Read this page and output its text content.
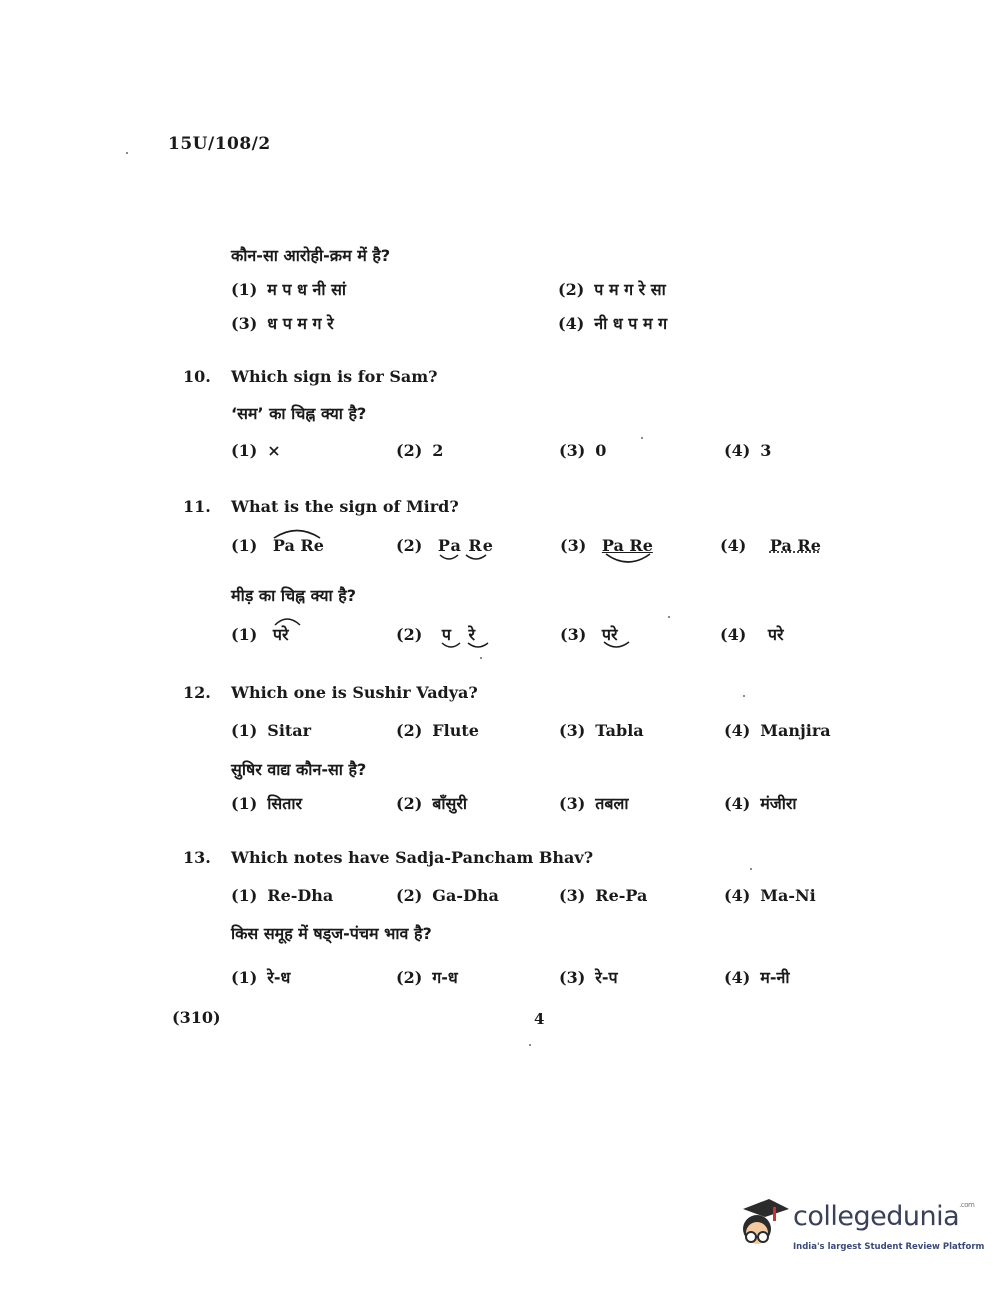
15U/108/2
कौन-सा आरोही-क्रम में है?
(1) म प ध नी सां	(2) प म ग रे सा
(3) ध प म ग रे	(4) नी ध प म ग
10. Which sign is for Sam?
‘सम’ का चिह्न क्या है?
(1) ×	(2) 2	(3) 0	(4) 3
11. What is the sign of Mird?
(1) Pa Re	(2) Pa Re	(3) Pa Re	(4) Pa Re
मीड़ का चिह्न क्या है?
(1) परे	(2) प रे	(3) परे	(4) परे
12. Which one is Sushir Vadya?
(1) Sitar	(2) Flute	(3) Tabla	(4) Manjira
सुषिर वाद्य कौन-सा है?
(1) सितार	(2) बाँसुरी	(3) तबला	(4) मंजीरा
13. Which notes have Sadja-Pancham Bhav?
(1) Re-Dha	(2) Ga-Dha	(3) Re-Pa	(4) Ma-Ni
किस समूह में षड्ज-पंचम भाव है?
(1) रे-ध	(2) ग-ध	(3) रे-प	(4) म-नी
(310)	4
collegedunia$^{.com}$
India's largest Student Review Platform
